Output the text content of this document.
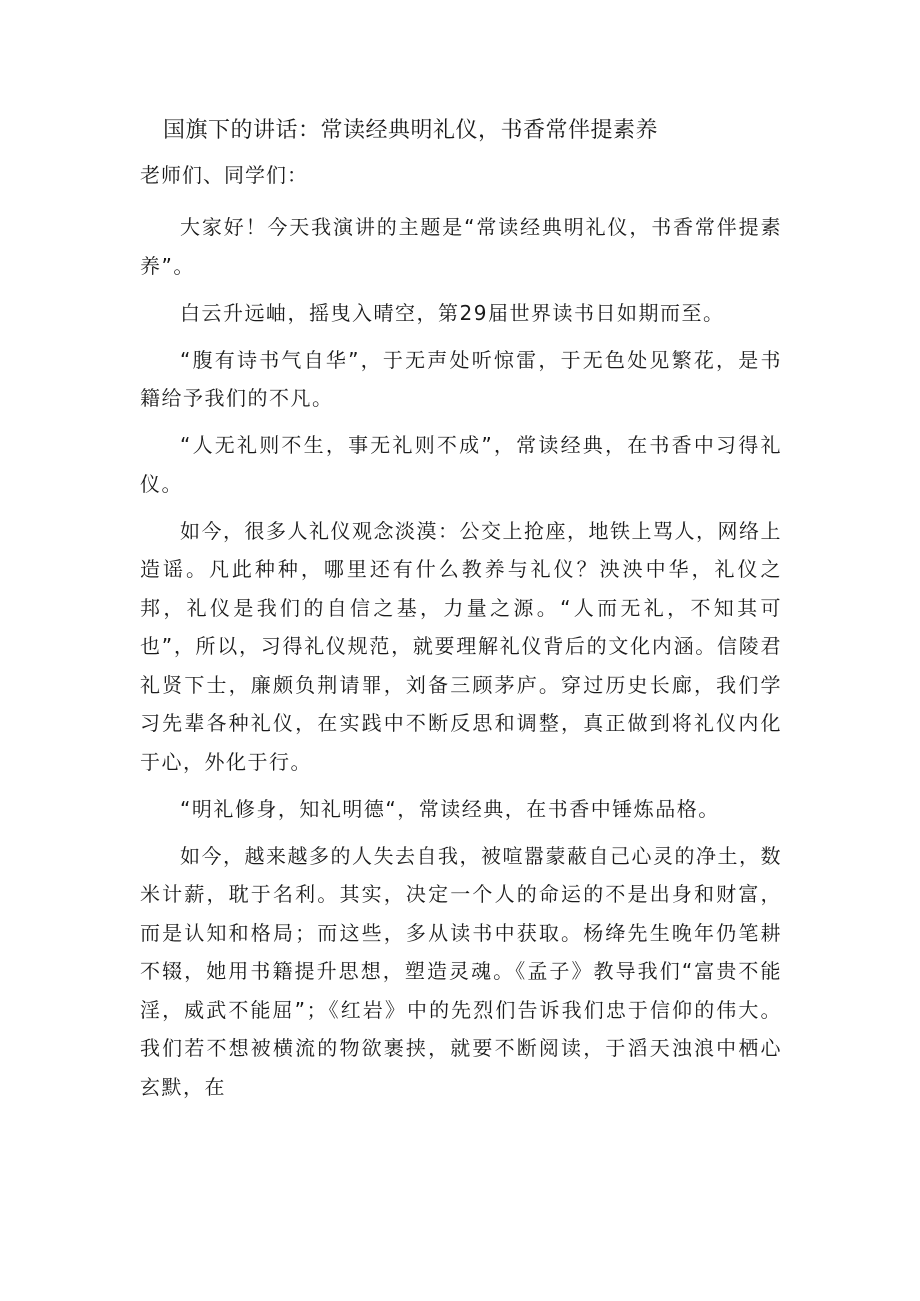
国旗下的讲话：常读经典明礼仪，书香常伴提素养
老师们、同学们：

大家好！今天我演讲的主题是“常读经典明礼仪，书香常伴提素养”。

白云升远岫，摇曳入晴空，第29届世界读书日如期而至。

“腹有诗书气自华”，于无声处听惊雷，于无色处见繁花，是书籍给予我们的不凡。

“人无礼则不生，事无礼则不成”，常读经典，在书香中习得礼仪。

如今，很多人礼仪观念淡漠：公交上抢座，地铁上骂人，网络上造谣。凡此种种，哪里还有什么教养与礼仪？泱泱中华，礼仪之邦，礼仪是我们的自信之基，力量之源。“人而无礼，不知其可也”，所以，习得礼仪规范，就要理解礼仪背后的文化内涵。信陵君礼贤下士，廉颇负荆请罪，刘备三顾茅庐。穿过历史长廊，我们学习先辈各种礼仪，在实践中不断反思和调整，真正做到将礼仪内化于心，外化于行。

“明礼修身，知礼明德“，常读经典，在书香中锤炼品格。

如今，越来越多的人失去自我，被喧嚣蒙蔽自己心灵的净土，数米计薪，耽于名利。其实，决定一个人的命运的不是出身和财富，而是认知和格局；而这些，多从读书中获取。杨绛先生晚年仍笔耕不辍，她用书籍提升思想，塑造灵魂。《孟子》教导我们“富贵不能淫，威武不能屈”；《红岩》中的先烈们告诉我们忠于信仰的伟大。我们若不想被横流的物欲裹挟，就要不断阅读，于滔天浊浪中栖心玄默，在
